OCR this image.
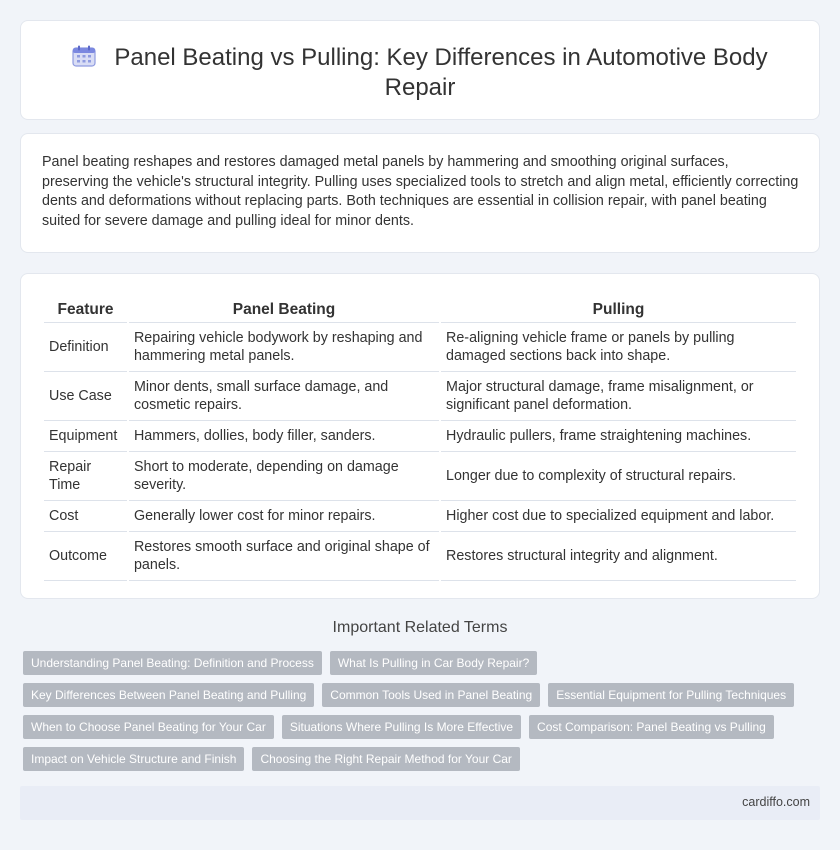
Panel Beating vs Pulling: Key Differences in Automotive Body Repair
Panel beating reshapes and restores damaged metal panels by hammering and smoothing original surfaces, preserving the vehicle's structural integrity. Pulling uses specialized tools to stretch and align metal, efficiently correcting dents and deformations without replacing parts. Both techniques are essential in collision repair, with panel beating suited for severe damage and pulling ideal for minor dents.
Feature	Panel Beating	Pulling
Definition	Repairing vehicle bodywork by reshaping and hammering metal panels.	Re-aligning vehicle frame or panels by pulling damaged sections back into shape.
Use Case	Minor dents, small surface damage, and cosmetic repairs.	Major structural damage, frame misalignment, or significant panel deformation.
Equipment	Hammers, dollies, body filler, sanders.	Hydraulic pullers, frame straightening machines.
Repair Time	Short to moderate, depending on damage severity.	Longer due to complexity of structural repairs.
Cost	Generally lower cost for minor repairs.	Higher cost due to specialized equipment and labor.
Outcome	Restores smooth surface and original shape of panels.	Restores structural integrity and alignment.
Important Related Terms
Understanding Panel Beating: Definition and Process	What Is Pulling in Car Body Repair?
Key Differences Between Panel Beating and Pulling	Common Tools Used in Panel Beating	Essential Equipment for Pulling Techniques
When to Choose Panel Beating for Your Car	Situations Where Pulling Is More Effective	Cost Comparison: Panel Beating vs Pulling
Impact on Vehicle Structure and Finish	Choosing the Right Repair Method for Your Car
cardiffo.com
